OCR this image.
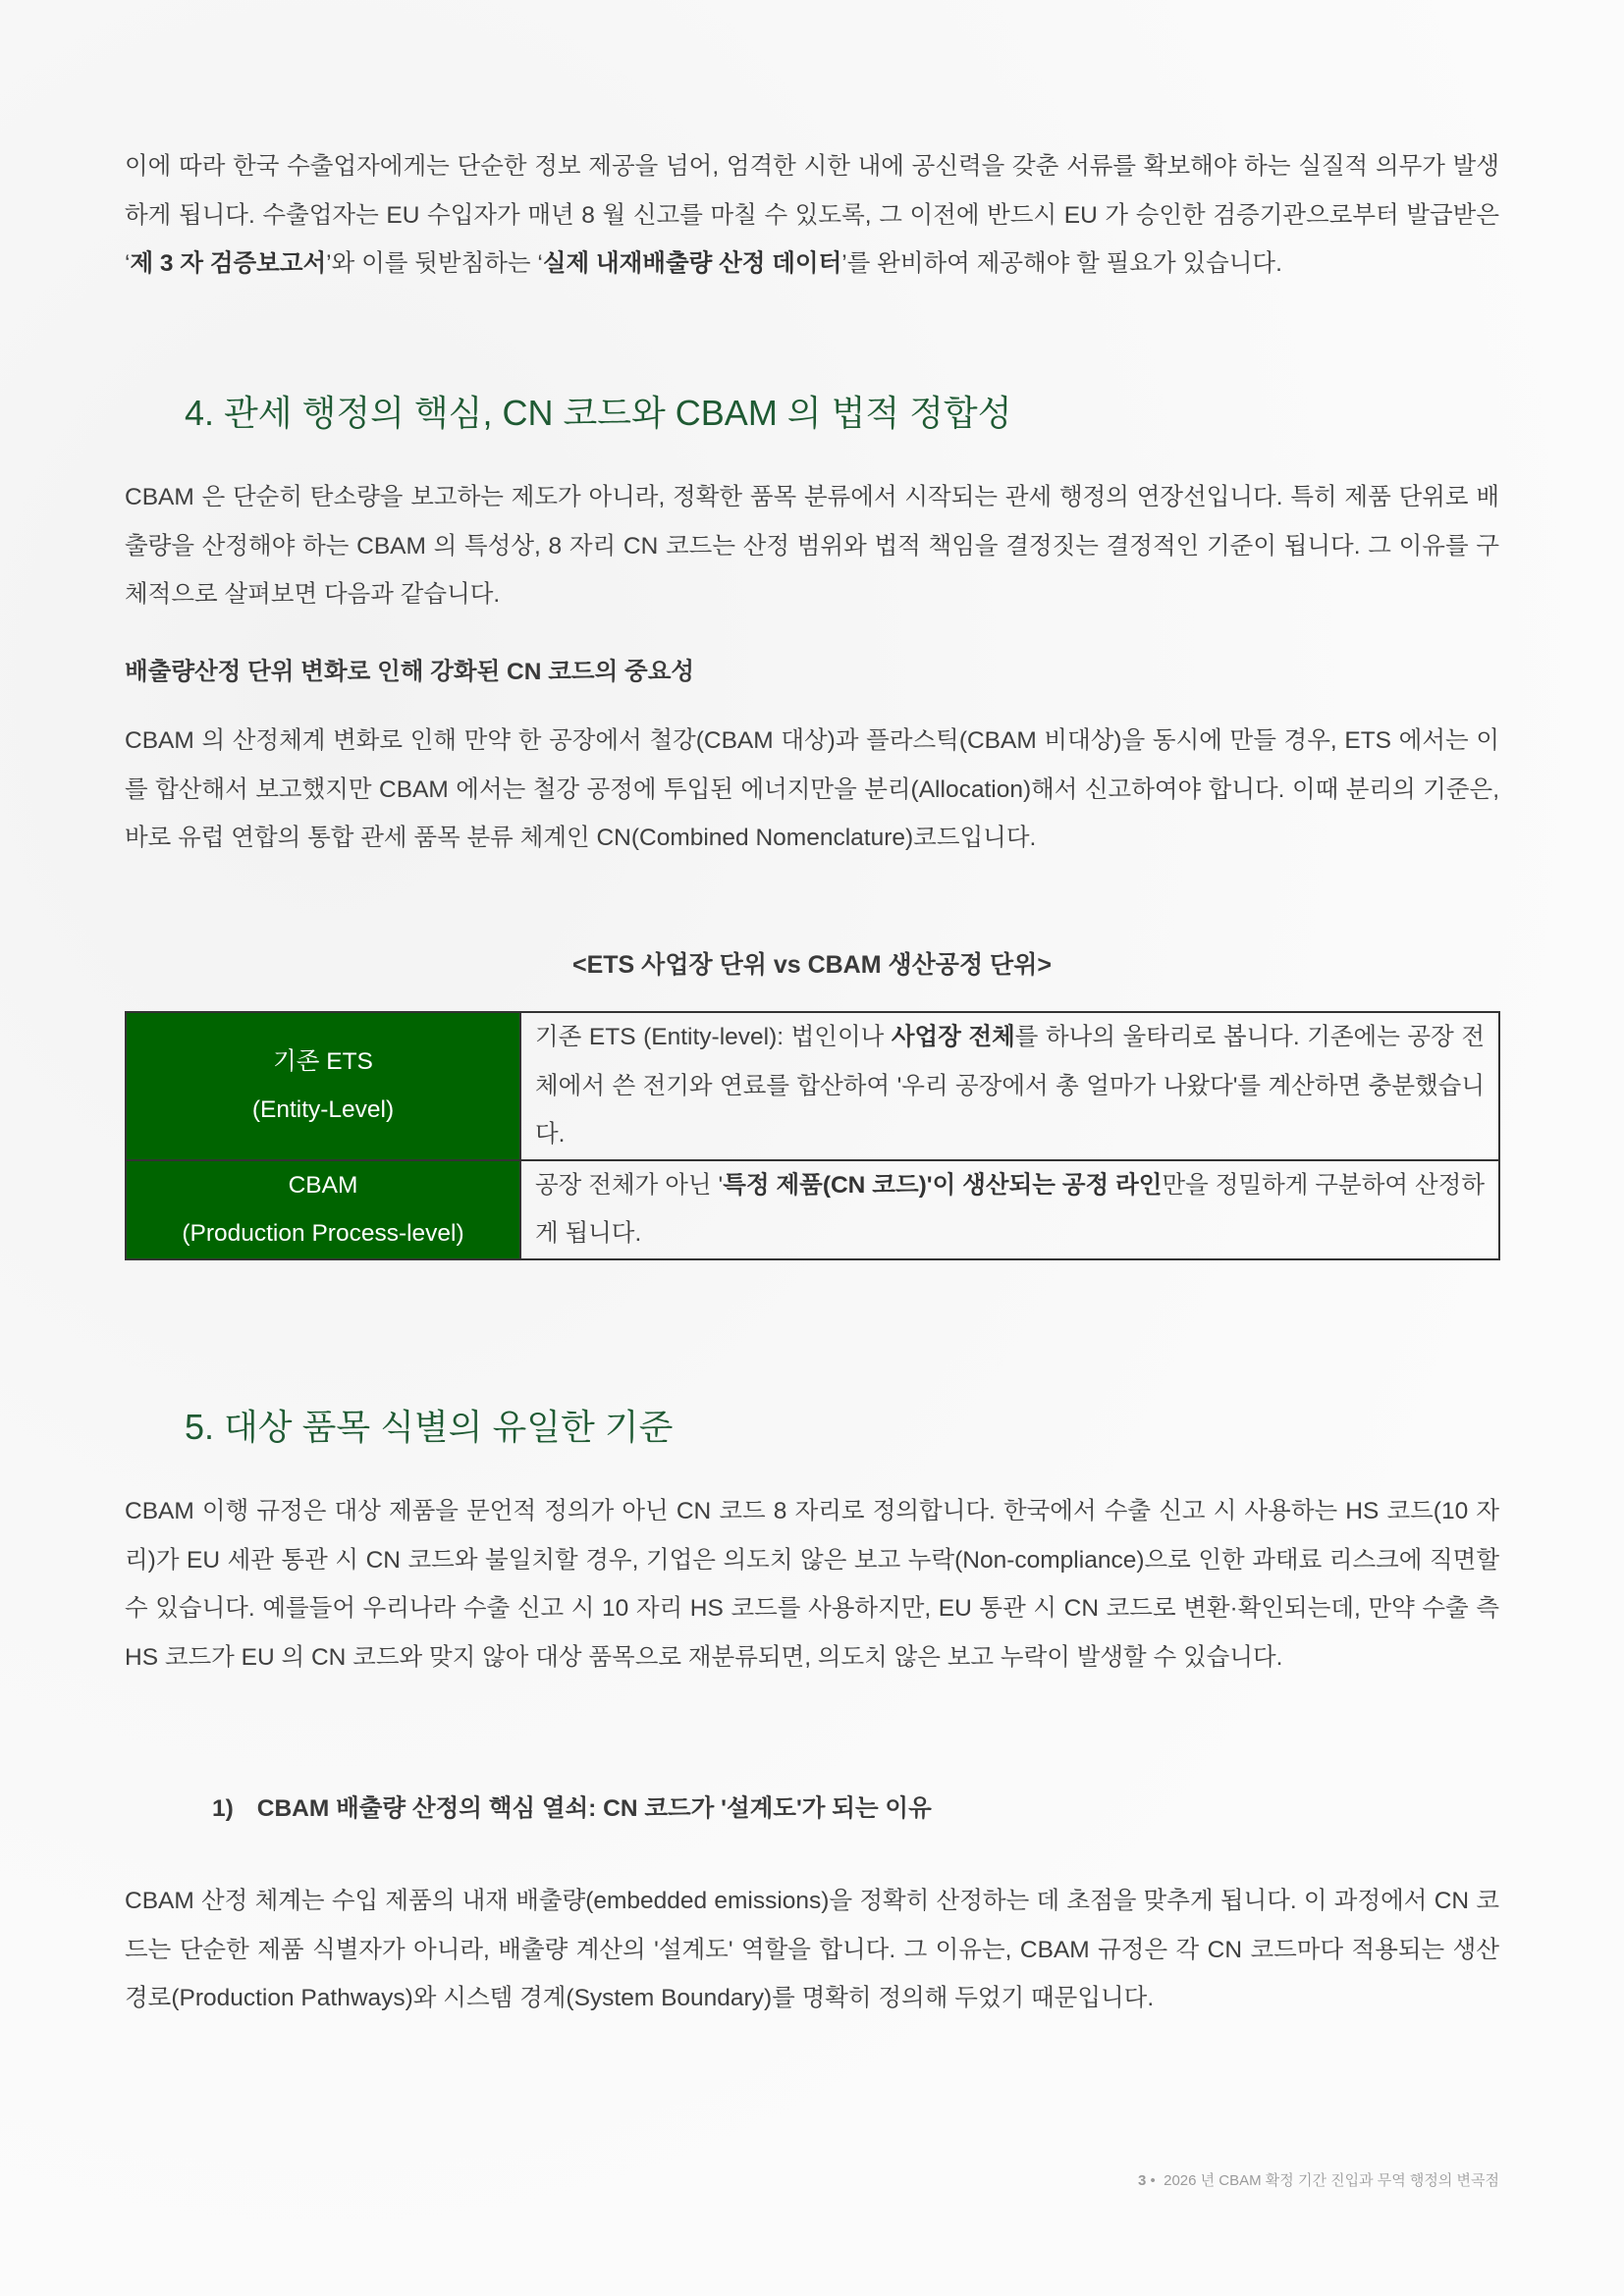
이에 따라 한국 수출업자에게는 단순한 정보 제공을 넘어, 엄격한 시한 내에 공신력을 갖춘 서류를 확보해야 하는 실질적 의무가 발생하게 됩니다. 수출업자는 EU 수입자가 매년 8 월 신고를 마칠 수 있도록, 그 이전에 반드시 EU 가 승인한 검증기관으로부터 발급받은 ‘제 3 자 검증보고서’와 이를 뒷받침하는 ‘실제 내재배출량 산정 데이터’를 완비하여 제공해야 할 필요가 있습니다.

4. 관세 행정의 핵심, CN 코드와 CBAM 의 법적 정합성

CBAM 은 단순히 탄소량을 보고하는 제도가 아니라, 정확한 품목 분류에서 시작되는 관세 행정의 연장선입니다. 특히 제품 단위로 배출량을 산정해야 하는 CBAM 의 특성상, 8 자리 CN 코드는 산정 범위와 법적 책임을 결정짓는 결정적인 기준이 됩니다. 그 이유를 구체적으로 살펴보면 다음과 같습니다.

배출량산정 단위 변화로 인해 강화된 CN 코드의 중요성

CBAM 의 산정체계 변화로 인해 만약 한 공장에서 철강(CBAM 대상)과 플라스틱(CBAM 비대상)을 동시에 만들 경우, ETS 에서는 이를 합산해서 보고했지만 CBAM 에서는 철강 공정에 투입된 에너지만을 분리(Allocation)해서 신고하여야 합니다. 이때 분리의 기준은, 바로 유럽 연합의 통합 관세 품목 분류 체계인 CN(Combined Nomenclature)코드입니다.

<ETS 사업장 단위 vs CBAM 생산공정 단위>
기존 ETS
(Entity-Level)	기존 ETS (Entity-level): 법인이나 사업장 전체를 하나의 울타리로 봅니다. 기존에는 공장 전체에서 쓴 전기와 연료를 합산하여 '우리 공장에서 총 얼마가 나왔다'를 계산하면 충분했습니다.

CBAM
(Production Process-level)	공장 전체가 아닌 '특정 제품(CN 코드)'이 생산되는 공정 라인만을 정밀하게 구분하여 산정하게 됩니다.
5. 대상 품목 식별의 유일한 기준

CBAM 이행 규정은 대상 제품을 문언적 정의가 아닌 CN 코드 8 자리로 정의합니다. 한국에서 수출 신고 시 사용하는 HS 코드(10 자리)가 EU 세관 통관 시 CN 코드와 불일치할 경우, 기업은 의도치 않은 보고 누락(Non-compliance)으로 인한 과태료 리스크에 직면할 수 있습니다. 예를들어 우리나라 수출 신고 시 10 자리 HS 코드를 사용하지만, EU 통관 시 CN 코드로 변환·확인되는데, 만약 수출 측 HS 코드가 EU 의 CN 코드와 맞지 않아 대상 품목으로 재분류되면, 의도치 않은 보고 누락이 발생할 수 있습니다.

1) CBAM 배출량 산정의 핵심 열쇠: CN 코드가 '설계도'가 되는 이유

CBAM 산정 체계는 수입 제품의 내재 배출량(embedded emissions)을 정확히 산정하는 데 초점을 맞추게 됩니다. 이 과정에서 CN 코드는 단순한 제품 식별자가 아니라, 배출량 계산의 '설계도' 역할을 합니다. 그 이유는, CBAM 규정은 각 CN 코드마다 적용되는 생산 경로(Production Pathways)와 시스템 경계(System Boundary)를 명확히 정의해 두었기 때문입니다.

3 • 2026 년 CBAM 확정 기간 진입과 무역 행정의 변곡점
